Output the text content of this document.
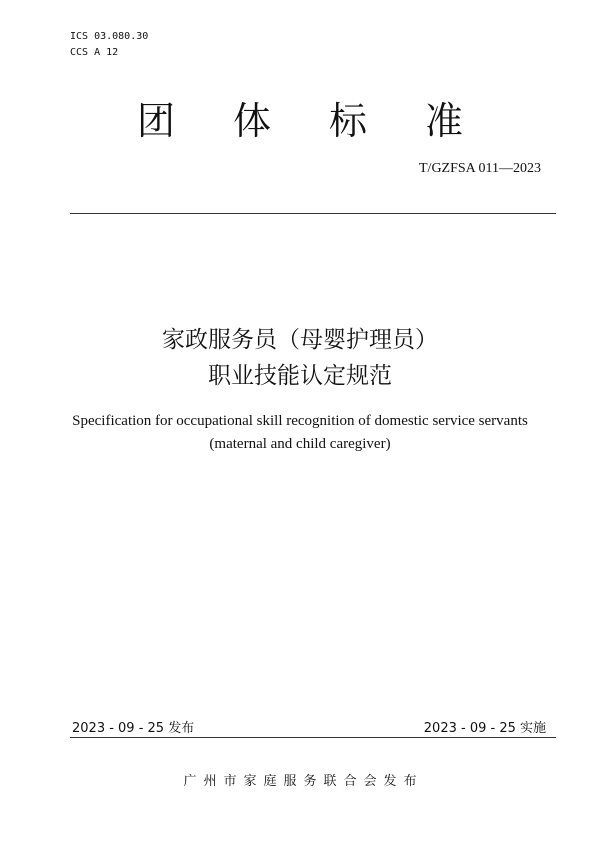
ICS 03.080.30
CCS A 12
团体标准
T/GZFSA 011—2023
家政服务员（母婴护理员）
职业技能认定规范
Specification for occupational skill recognition of domestic service servants
(maternal and child caregiver)
2023 - 09 - 25 发布	2023 - 09 - 25 实施
广州市家庭服务联合会发布
